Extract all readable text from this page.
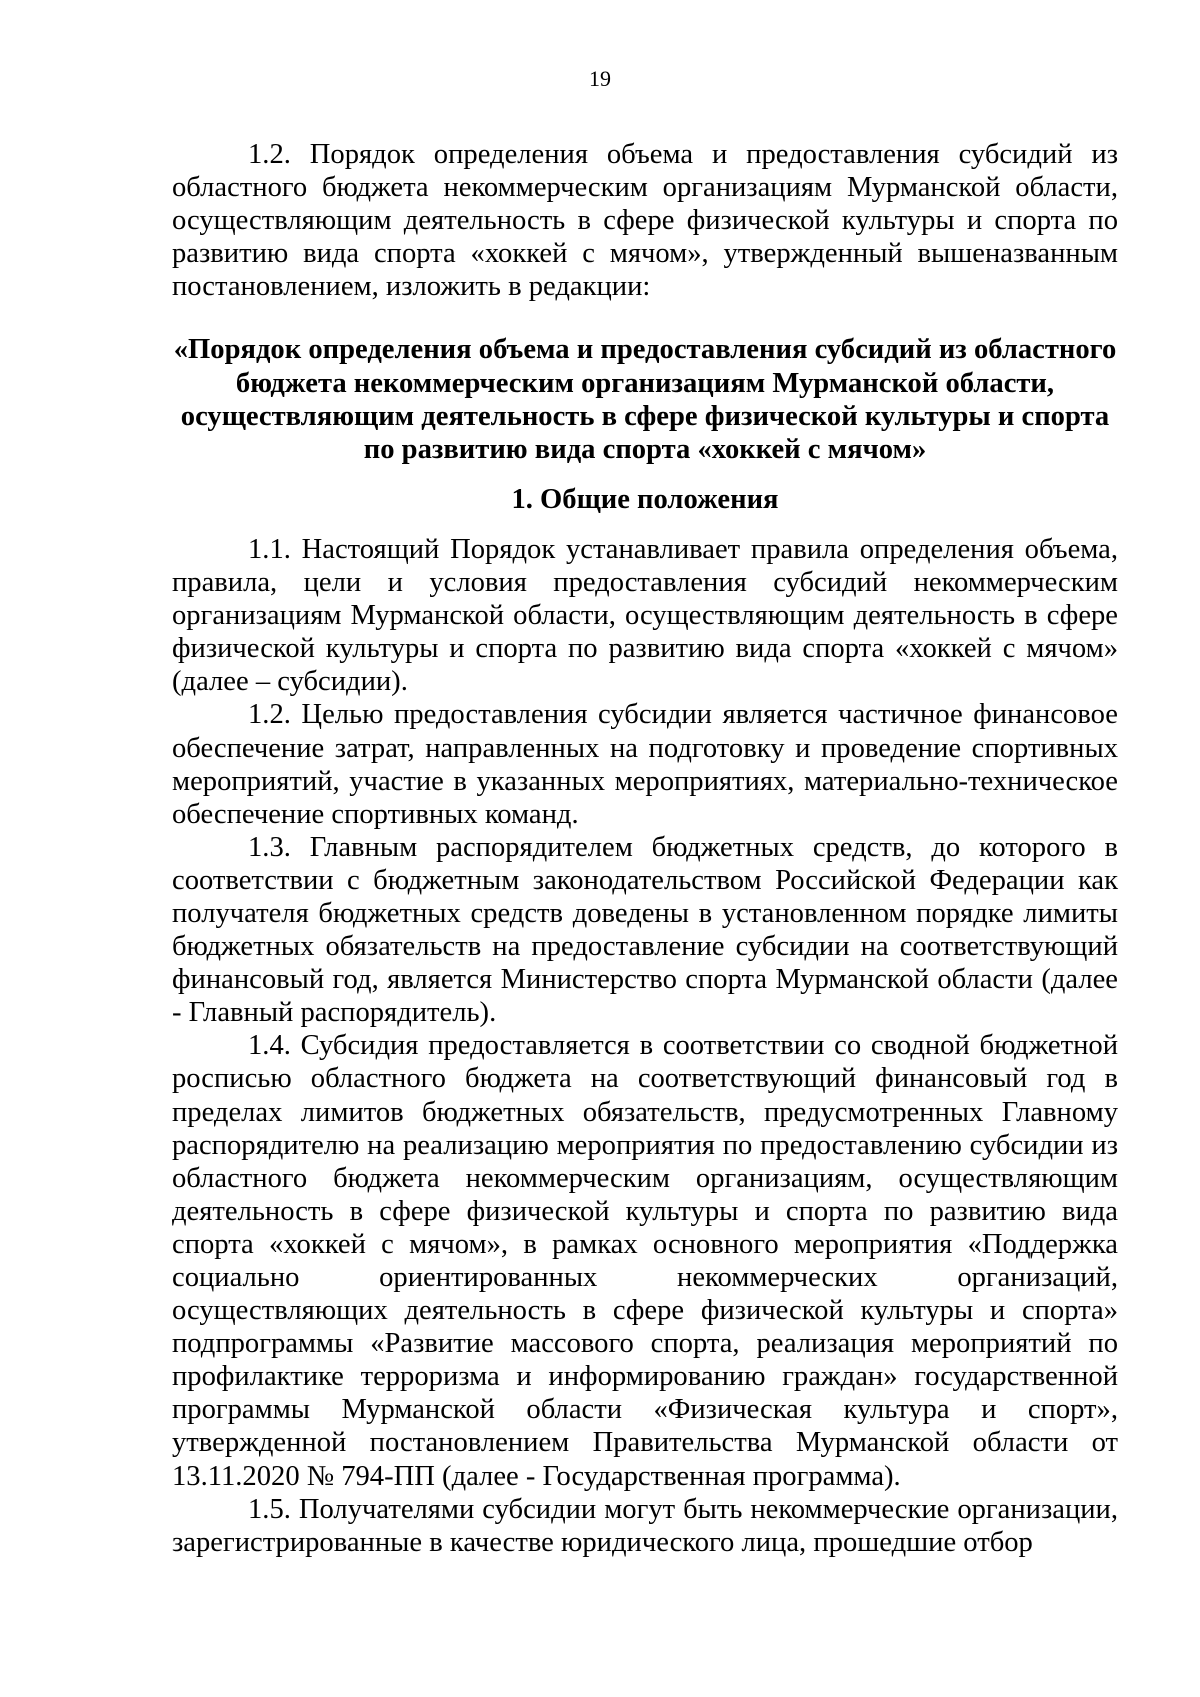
19

1.2. Порядок определения объема и предоставления субсидий из областного бюджета некоммерческим организациям Мурманской области, осуществляющим деятельность в сфере физической культуры и спорта по развитию вида спорта «хоккей с мячом», утвержденный вышеназванным постановлением, изложить в редакции:

«Порядок определения объема и предоставления субсидий из областного бюджета некоммерческим организациям Мурманской области, осуществляющим деятельность в сфере физической культуры и спорта по развитию вида спорта «хоккей с мячом»

1. Общие положения

1.1. Настоящий Порядок устанавливает правила определения объема, правила, цели и условия предоставления субсидий некоммерческим организациям Мурманской области, осуществляющим деятельность в сфере физической культуры и спорта по развитию вида спорта «хоккей с мячом» (далее – субсидии).

1.2. Целью предоставления субсидии является частичное финансовое обеспечение затрат, направленных на подготовку и проведение спортивных мероприятий, участие в указанных мероприятиях, материально-техническое обеспечение спортивных команд.

1.3. Главным распорядителем бюджетных средств, до которого в соответствии с бюджетным законодательством Российской Федерации как получателя бюджетных средств доведены в установленном порядке лимиты бюджетных обязательств на предоставление субсидии на соответствующий финансовый год, является Министерство спорта Мурманской области (далее - Главный распорядитель).

1.4. Субсидия предоставляется в соответствии со сводной бюджетной росписью областного бюджета на соответствующий финансовый год в пределах лимитов бюджетных обязательств, предусмотренных Главному распорядителю на реализацию мероприятия по предоставлению субсидии из областного бюджета некоммерческим организациям, осуществляющим деятельность в сфере физической культуры и спорта по развитию вида спорта «хоккей с мячом», в рамках основного мероприятия «Поддержка социально ориентированных некоммерческих организаций, осуществляющих деятельность в сфере физической культуры и спорта» подпрограммы «Развитие массового спорта, реализация мероприятий по профилактике терроризма и информированию граждан» государственной программы Мурманской области «Физическая культура и спорт», утвержденной постановлением Правительства Мурманской области от 13.11.2020 № 794-ПП (далее - Государственная программа).

1.5. Получателями субсидии могут быть некоммерческие организации, зарегистрированные в качестве юридического лица, прошедшие отбор
